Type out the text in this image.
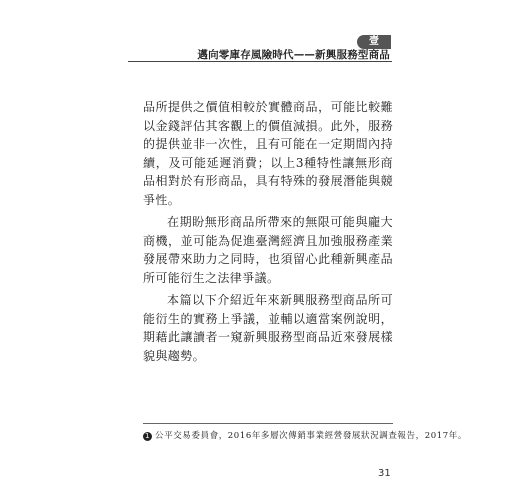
壹
邁向零庫存風險時代——新興服務型商品

品所提供之價值相較於實體商品，可能比較難以金錢評估其客觀上的價值減損。此外，服務的提供並非一次性，且有可能在一定期間內持續，及可能延遲消費；以上3種特性讓無形商品相對於有形商品，具有特殊的發展潛能與競爭性。

在期盼無形商品所帶來的無限可能與龐大商機，並可能為促進臺灣經濟且加強服務產業發展帶來助力之同時，也須留心此種新興產品所可能衍生之法律爭議。

本篇以下介紹近年來新興服務型商品所可能衍生的實務上爭議，並輔以適當案例說明，期藉此讓讀者一窺新興服務型商品近來發展樣貌與趨勢。

1 公平交易委員會，2016年多層次傳銷事業經營發展狀況調查報告，2017年。
31
